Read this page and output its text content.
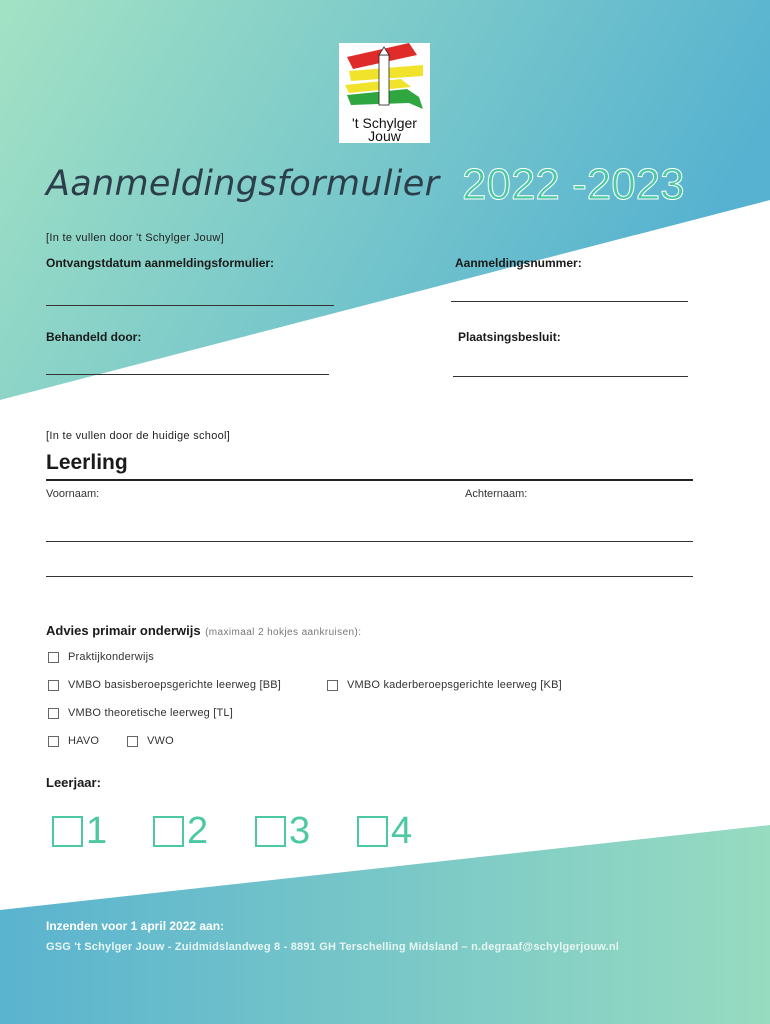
't Schylger
Jouw
Aanmeldingsformulier 2022 -2023
[In te vullen door 't Schylger Jouw]
Ontvangstdatum aanmeldingsformulier:	Aanmeldingsnummer:
Behandeld door:	Plaatsingsbesluit:
[In te vullen door de huidige school]
Leerling
Voornaam:	Achternaam:
Advies primair onderwijs (maximaal 2 hokjes aankruisen):
Praktijkonderwijs
VMBO basisberoepsgerichte leerweg [BB]	VMBO kaderberoepsgerichte leerweg [KB]
VMBO theoretische leerweg [TL]
HAVO	VWO
Leerjaar:
1 2 3 4
Inzenden voor 1 april 2022 aan:
GSG 't Schylger Jouw - Zuidmidslandweg 8 - 8891 GH Terschelling Midsland – n.degraaf@schylgerjouw.nl
